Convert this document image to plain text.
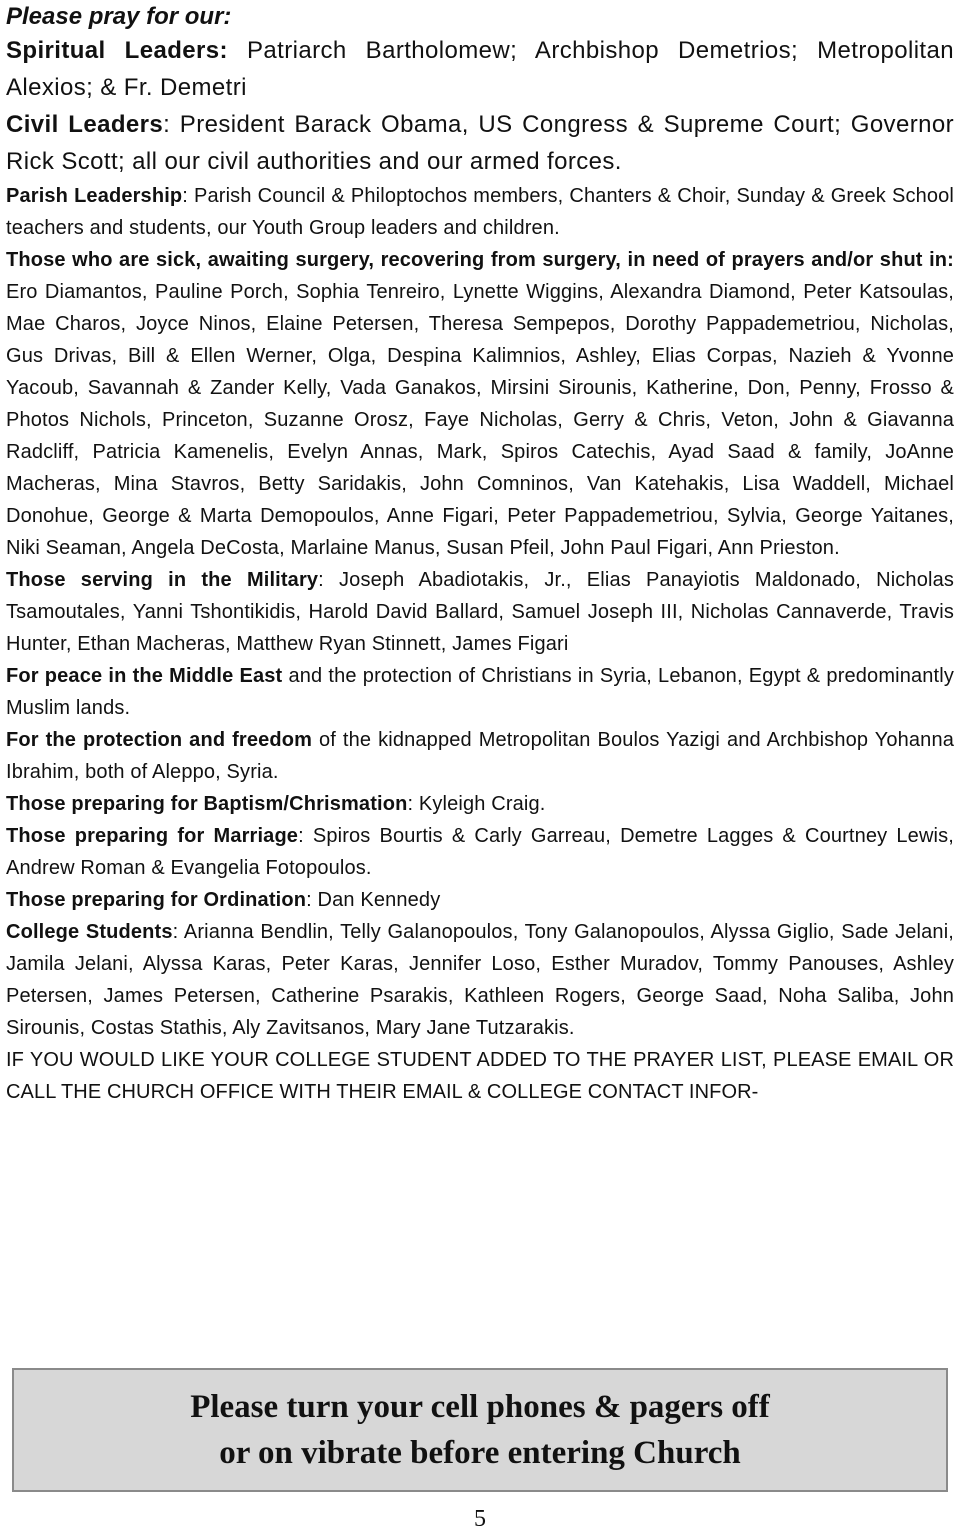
Please pray for our:
Spiritual Leaders: Patriarch Bartholomew; Archbishop Demetrios; Metropolitan Alexios; & Fr. Demetri
Civil Leaders: President Barack Obama, US Congress & Supreme Court; Governor Rick Scott; all our civil authorities and our armed forces.
Parish Leadership: Parish Council & Philoptochos members, Chanters & Choir, Sunday & Greek School teachers and students, our Youth Group leaders and children.
Those who are sick, awaiting surgery, recovering from surgery, in need of prayers and/or shut in: Ero Diamantos, Pauline Porch, Sophia Tenreiro, Lynette Wiggins, Alexandra Diamond, Peter Katsoulas, Mae Charos, Joyce Ninos, Elaine Petersen, Theresa Sempepos, Dorothy Pappademetriou, Nicholas, Gus Drivas, Bill & Ellen Werner, Olga, Despina Kalimnios, Ashley, Elias Corpas, Nazieh & Yvonne Yacoub, Savannah & Zander Kelly, Vada Ganakos, Mirsini Sirounis, Katherine, Don, Penny, Frosso & Photos Nichols, Princeton, Suzanne Orosz, Faye Nicholas, Gerry & Chris, Veton, John & Giavanna Radcliff, Patricia Kamenelis, Evelyn Annas, Mark, Spiros Catechis, Ayad Saad & family, JoAnne Macheras, Mina Stavros, Betty Saridakis, John Comninos, Van Katehakis, Lisa Waddell, Michael Donohue, George & Marta Demopoulos, Anne Figari, Peter Pappademetriou, Sylvia, George Yaitanes, Niki Seaman, Angela DeCosta, Marlaine Manus, Susan Pfeil, John Paul Figari, Ann Prieston.
Those serving in the Military: Joseph Abadiotakis, Jr., Elias Panayiotis Maldonado, Nicholas Tsamoutales, Yanni Tshontikidis, Harold David Ballard, Samuel Joseph III, Nicholas Cannaverde, Travis Hunter, Ethan Macheras, Matthew Ryan Stinnett, James Figari
For peace in the Middle East and the protection of Christians in Syria, Lebanon, Egypt & predominantly Muslim lands.
For the protection and freedom of the kidnapped Metropolitan Boulos Yazigi and Archbishop Yohanna Ibrahim, both of Aleppo, Syria.
Those preparing for Baptism/Chrismation: Kyleigh Craig.
Those preparing for Marriage: Spiros Bourtis & Carly Garreau, Demetre Lagges & Courtney Lewis, Andrew Roman & Evangelia Fotopoulos.
Those preparing for Ordination: Dan Kennedy
College Students: Arianna Bendlin, Telly Galanopoulos, Tony Galanopoulos, Alyssa Giglio, Sade Jelani, Jamila Jelani, Alyssa Karas, Peter Karas, Jennifer Loso, Esther Muradov, Tommy Panouses, Ashley Petersen, James Petersen, Catherine Psarakis, Kathleen Rogers, George Saad, Noha Saliba, John Sirounis, Costas Stathis, Aly Zavitsanos, Mary Jane Tutzarakis.
IF YOU WOULD LIKE YOUR COLLEGE STUDENT ADDED TO THE PRAYER LIST, PLEASE EMAIL OR CALL THE CHURCH OFFICE WITH THEIR EMAIL & COLLEGE CONTACT INFOR-
Please turn your cell phones & pagers off
or on vibrate before entering Church
5
